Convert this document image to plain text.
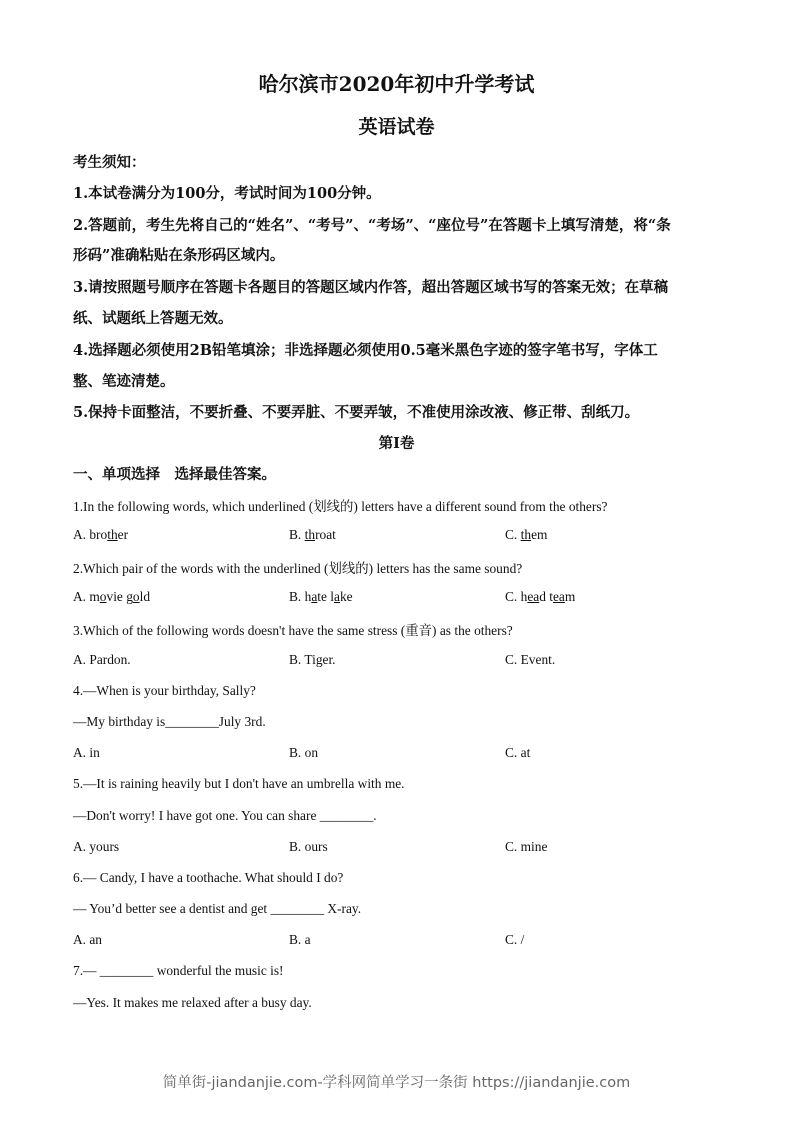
哈尔滨市2020年初中升学考试
英语试卷
考生须知：
1.本试卷满分为100分，考试时间为100分钟。
2.答题前，考生先将自己的“姓名”、“考号”、“考场”、“座位号”在答题卡上填写清楚，将“条
形码”准确粘贴在条形码区域内。
3.请按照题号顺序在答题卡各题目的答题区域内作答，超出答题区域书写的答案无效；在草稿
纸、试题纸上答题无效。
4.选择题必须使用2B铅笔填涂；非选择题必须使用0.5毫米黑色字迹的签字笔书写，字体工
整、笔迹清楚。
5.保持卡面整洁，不要折叠、不要弄脏、不要弄皱，不准使用涂改液、修正带、刮纸刀。
第Ⅰ卷
一、单项选择　选择最佳答案。
1.In the following words, which underlined (划线的) letters have a different sound from the others?
A. brother	B. throat	C. them
2.Which pair of the words with the underlined (划线的) letters has the same sound?
A. movie gold	B. hate lake	C. head team
3.Which of the following words doesn't have the same stress (重音) as the others?
A. Pardon.	B. Tiger.	C. Event.
4.—When is your birthday, Sally?
—My birthday is________July 3rd.
A. in	B. on	C. at
5.—It is raining heavily but I don't have an umbrella with me.
—Don't worry! I have got one. You can share ________.
A. yours	B. ours	C. mine
6.— Candy, I have a toothache. What should I do?
— You’d better see a dentist and get ________ X-ray.
A. an	B. a	C. /
7.— ________ wonderful the music is!
—Yes. It makes me relaxed after a busy day.
简单街-jiandanjie.com-学科网简单学习一条街 https://jiandanjie.com
